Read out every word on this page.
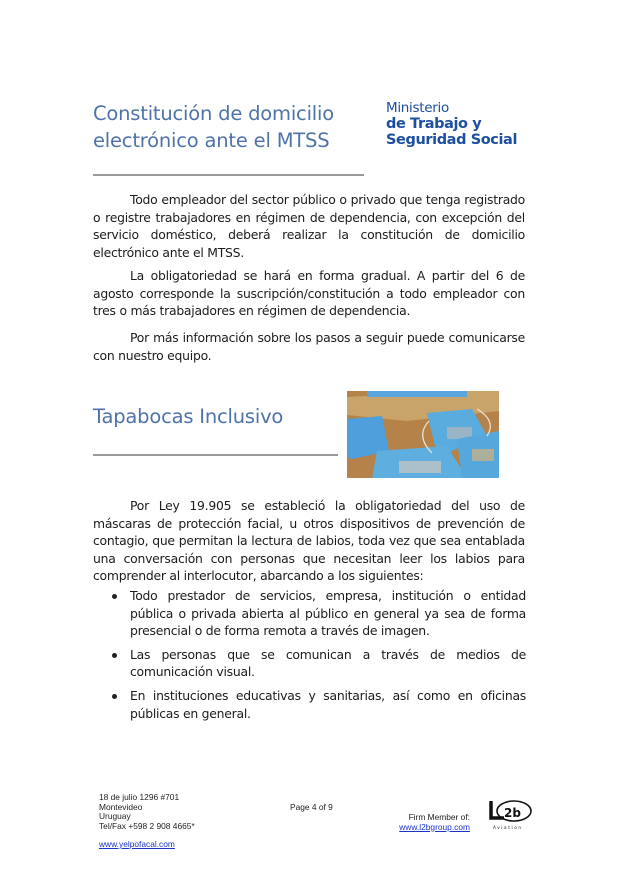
Constitución de domicilio
electrónico ante el MTSS
Ministerio
de Trabajo y
Seguridad Social

Todo empleador del sector público o privado que tenga registrado o registre trabajadores en régimen de dependencia, con excepción del servicio doméstico, deberá realizar la constitución de domicilio electrónico ante el MTSS.

La obligatoriedad se hará en forma gradual. A partir del 6 de agosto corresponde la suscripción/constitución a todo empleador con tres o más trabajadores en régimen de dependencia.

Por más información sobre los pasos a seguir puede comunicarse con nuestro equipo.

Tapabocas Inclusivo

Por Ley 19.905 se estableció la obligatoriedad del uso de máscaras de protección facial, u otros dispositivos de prevención de contagio, que permitan la lectura de labios, toda vez que sea entablada una conversación con personas que necesitan leer los labios para comprender al interlocutor, abarcando a los siguientes:

Todo prestador de servicios, empresa, institución o entidad pública o privada abierta al público en general ya sea de forma presencial o de forma remota a través de imagen.
Las personas que se comunican a través de medios de comunicación visual.
En instituciones educativas y sanitarias, así como en oficinas públicas en general.
18 de julio 1296 #701
Montevideo
Uruguay
Tel/Fax +598 2 908 4665*
www.yelpofacal.com
Page 4 of 9
Firm Member of:
www.l2bgroup.com
2b
Aviation
